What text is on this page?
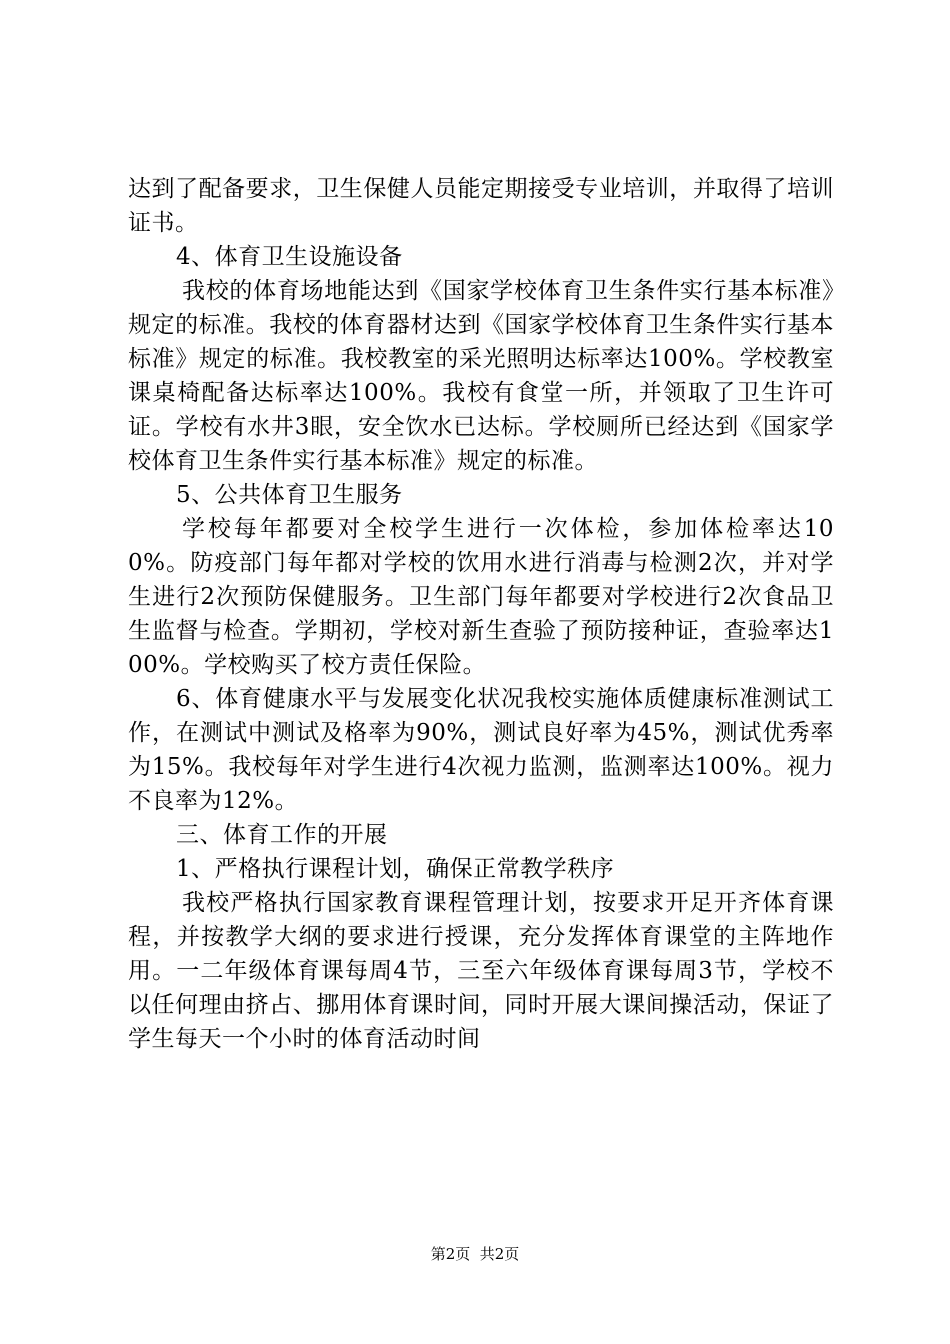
达到了配备要求，卫生保健人员能定期接受专业培训，并取得了培训证书。

4、体育卫生设施设备

我校的体育场地能达到《国家学校体育卫生条件实行基本标准》规定的标准。我校的体育器材达到《国家学校体育卫生条件实行基本标准》规定的标准。我校教室的采光照明达标率达100%。学校教室课桌椅配备达标率达100%。我校有食堂一所，并领取了卫生许可证。学校有水井3眼，安全饮水已达标。学校厕所已经达到《国家学校体育卫生条件实行基本标准》规定的标准。

5、公共体育卫生服务

学校每年都要对全校学生进行一次体检，参加体检率达100%。防疫部门每年都对学校的饮用水进行消毒与检测2次，并对学生进行2次预防保健服务。卫生部门每年都要对学校进行2次食品卫生监督与检查。学期初，学校对新生查验了预防接种证，查验率达100%。学校购买了校方责任保险。

6、体育健康水平与发展变化状况我校实施体质健康标准测试工作，在测试中测试及格率为90%，测试良好率为45%，测试优秀率为15%。我校每年对学生进行4次视力监测，监测率达100%。视力不良率为12%。

三、体育工作的开展

1、严格执行课程计划，确保正常教学秩序

我校严格执行国家教育课程管理计划，按要求开足开齐体育课程，并按教学大纲的要求进行授课，充分发挥体育课堂的主阵地作用。一二年级体育课每周4节，三至六年级体育课每周3节，学校不以任何理由挤占、挪用体育课时间，同时开展大课间操活动，保证了学生每天一个小时的体育活动时间

第2页  共2页
